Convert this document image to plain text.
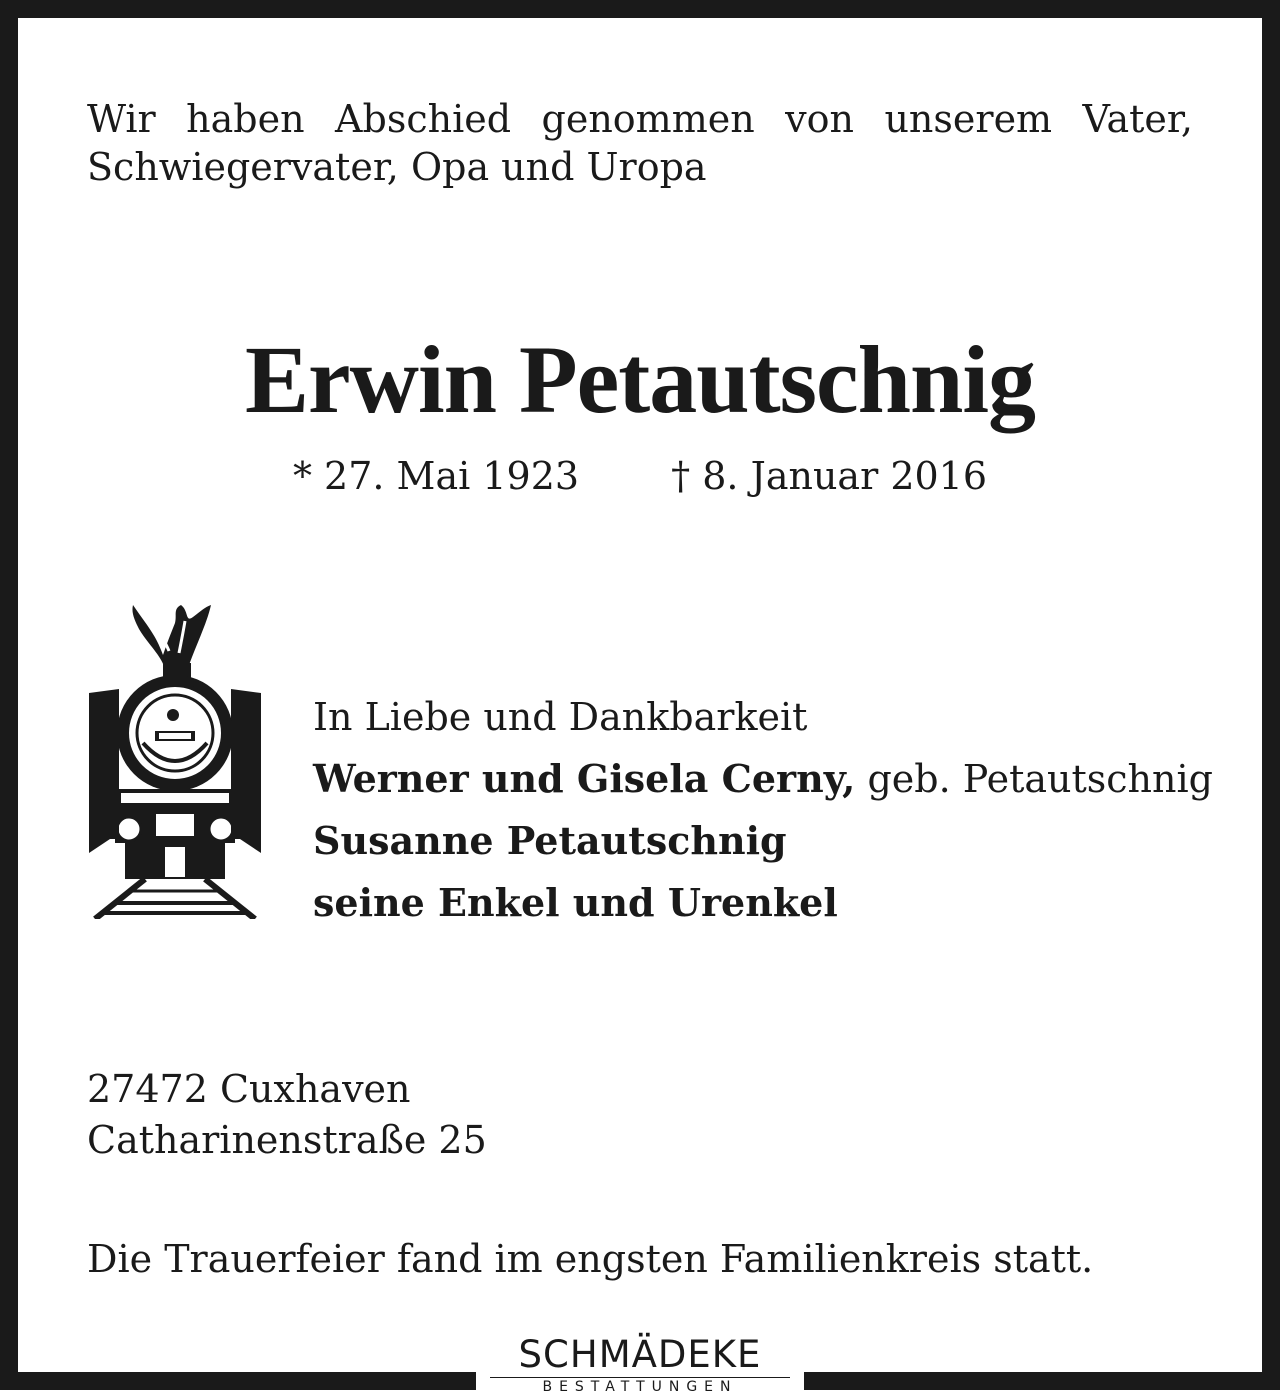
Wir haben Abschied genommen von unserem Vater,
Schwiegervater, Opa und Uropa
Erwin Petautschnig
* 27. Mai 1923 † 8. Januar 2016
In Liebe und Dankbarkeit
Werner und Gisela Cerny, geb. Petautschnig
Susanne Petautschnig
seine Enkel und Urenkel
27472 Cuxhaven
Catharinenstraße 25
Die Trauerfeier fand im engsten Familienkreis statt.
SCHMÄDEKE
BESTATTUNGEN
